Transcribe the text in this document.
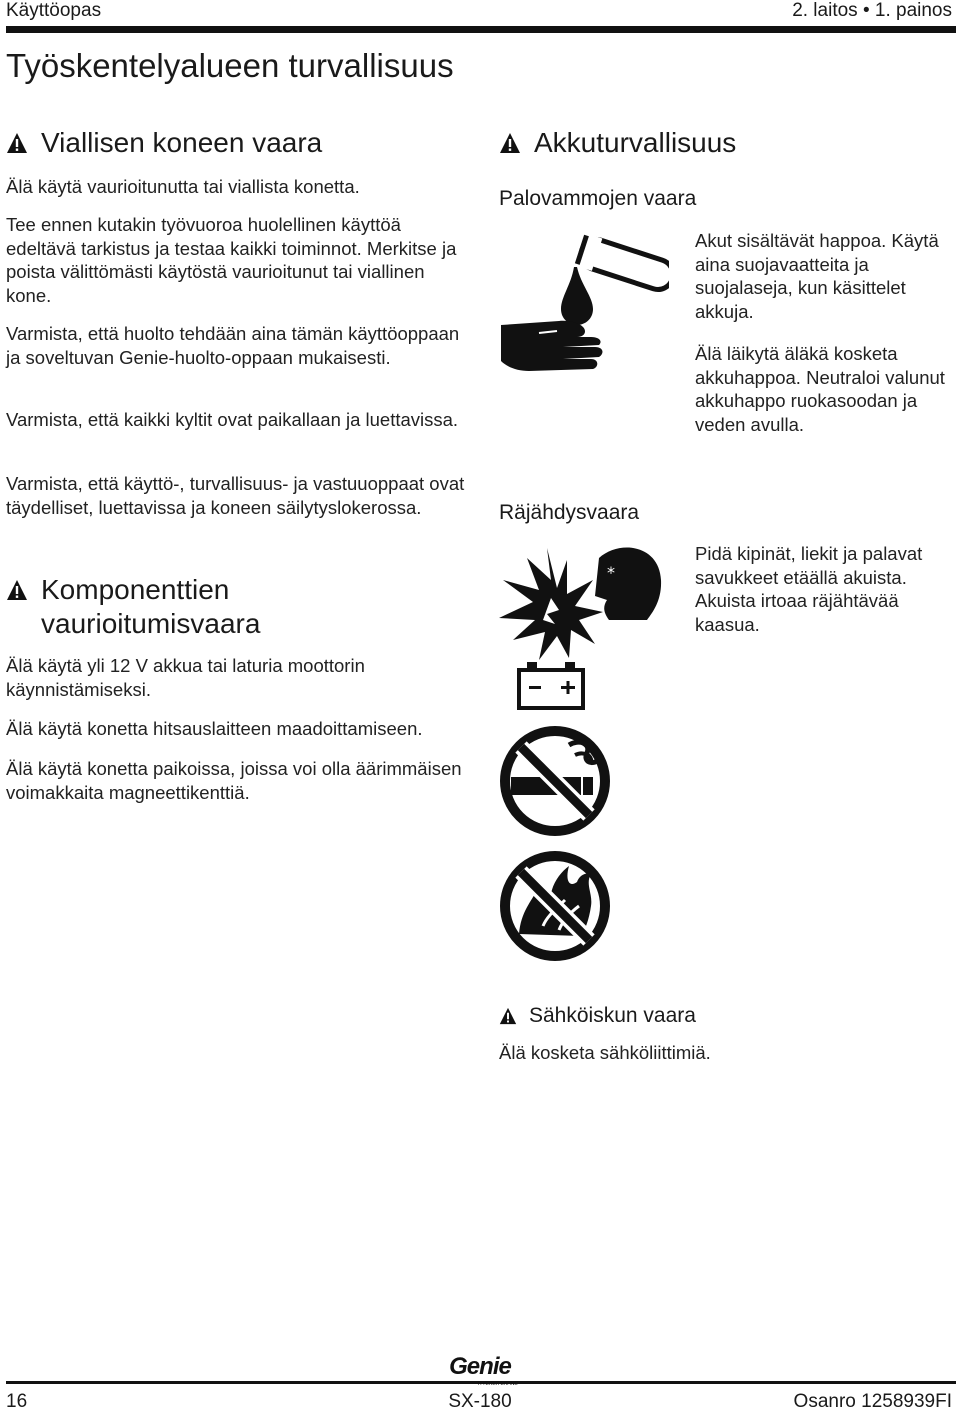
Käyttöopas	2. laitos • 1. painos
Työskentelyalueen turvallisuus
Viallisen koneen vaara

Älä käytä vaurioitunutta tai viallista konetta.

Tee ennen kutakin työvuoroa huolellinen käyttöä edeltävä tarkistus ja testaa kaikki toiminnot. Merkitse ja poista välittömästi käytöstä vaurioitunut tai viallinen kone.

Varmista, että huolto tehdään aina tämän käyttöoppaan ja soveltuvan Genie-huolto-oppaan mukaisesti.

Varmista, että kaikki kyltit ovat paikallaan ja luettavissa.

Varmista, että käyttö-, turvallisuus- ja vastuuoppaat ovat täydelliset, luettavissa ja koneen säilytyslokerossa.

Komponenttien vaurioitumisvaara

Älä käytä yli 12 V akkua tai laturia moottorin käynnistämiseksi.

Älä käytä konetta hitsauslaitteen maadoittamiseen.

Älä käytä konetta paikoissa, joissa voi olla äärimmäisen voimakkaita magneettikenttiä.

Akkuturvallisuus
Palovammojen vaara

Akut sisältävät happoa. Käytä aina suojavaatteita ja suojalaseja, kun käsittelet akkuja.

Älä läikytä äläkä kosketa akkuhappoa. Neutraloi valunut akkuhappo ruokasoodan ja veden avulla.

Räjähdysvaara
*

Pidä kipinät, liekit ja palavat savukkeet etäällä akuista. Akuista irtoaa räjähtävää kaasua.

Sähköiskun vaara

Älä kosketa sähköliittimiä.

Genie
A TEREX BRAND
16	SX-180	Osanro 1258939FI
